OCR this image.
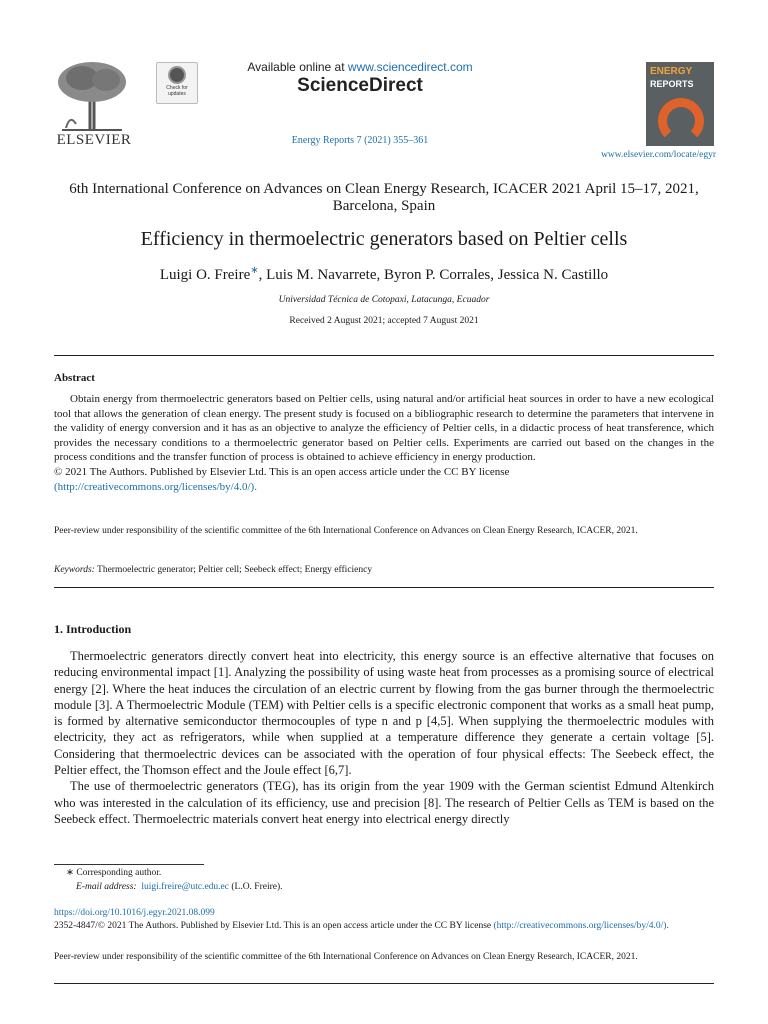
ELSEVIER
Check for updates
Available online at www.sciencedirect.com
ScienceDirect
Energy Reports 7 (2021) 355–361
ENERGY
REPORTS
www.elsevier.com/locate/egyr
6th International Conference on Advances on Clean Energy Research, ICACER 2021 April 15–17, 2021, Barcelona, Spain
Efficiency in thermoelectric generators based on Peltier cells
Luigi O. Freire∗, Luis M. Navarrete, Byron P. Corrales, Jessica N. Castillo
Universidad Técnica de Cotopaxi, Latacunga, Ecuador
Received 2 August 2021; accepted 7 August 2021
Abstract
Obtain energy from thermoelectric generators based on Peltier cells, using natural and/or artificial heat sources in order to have a new ecological tool that allows the generation of clean energy. The present study is focused on a bibliographic research to determine the parameters that intervene in the validity of energy conversion and it has as an objective to analyze the efficiency of Peltier cells, in a didactic process of heat transference, which provides the necessary conditions to a thermoelectric generator based on Peltier cells. Experiments are carried out based on the changes in the process conditions and the transfer function of process is obtained to achieve efficiency in energy production.
© 2021 The Authors. Published by Elsevier Ltd. This is an open access article under the CC BY license
(http://creativecommons.org/licenses/by/4.0/).
Peer-review under responsibility of the scientific committee of the 6th International Conference on Advances on Clean Energy Research, ICACER, 2021.
Keywords: Thermoelectric generator; Peltier cell; Seebeck effect; Energy efficiency
1. Introduction

Thermoelectric generators directly convert heat into electricity, this energy source is an effective alternative that focuses on reducing environmental impact [1]. Analyzing the possibility of using waste heat from processes as a promising source of electrical energy [2]. Where the heat induces the circulation of an electric current by flowing from the gas burner through the thermoelectric module [3]. A Thermoelectric Module (TEM) with Peltier cells is a specific electronic component that works as a small heat pump, is formed by alternative semiconductor thermocouples of type n and p [4,5]. When supplying the thermoelectric modules with electricity, they act as refrigerators, while when supplied at a temperature difference they generate a certain voltage [5]. Considering that thermoelectric devices can be associated with the operation of four physical effects: The Seebeck effect, the Peltier effect, the Thomson effect and the Joule effect [6,7].

The use of thermoelectric generators (TEG), has its origin from the year 1909 with the German scientist Edmund Altenkirch who was interested in the calculation of its efficiency, use and precision [8]. The research of Peltier Cells as TEM is based on the Seebeck effect. Thermoelectric materials convert heat energy into electrical energy directly

∗ Corresponding author.
E-mail address: luigi.freire@utc.edu.ec (L.O. Freire).
https://doi.org/10.1016/j.egyr.2021.08.099
2352-4847/© 2021 The Authors. Published by Elsevier Ltd. This is an open access article under the CC BY license (http://creativecommons.org/licenses/by/4.0/).
Peer-review under responsibility of the scientific committee of the 6th International Conference on Advances on Clean Energy Research, ICACER, 2021.
